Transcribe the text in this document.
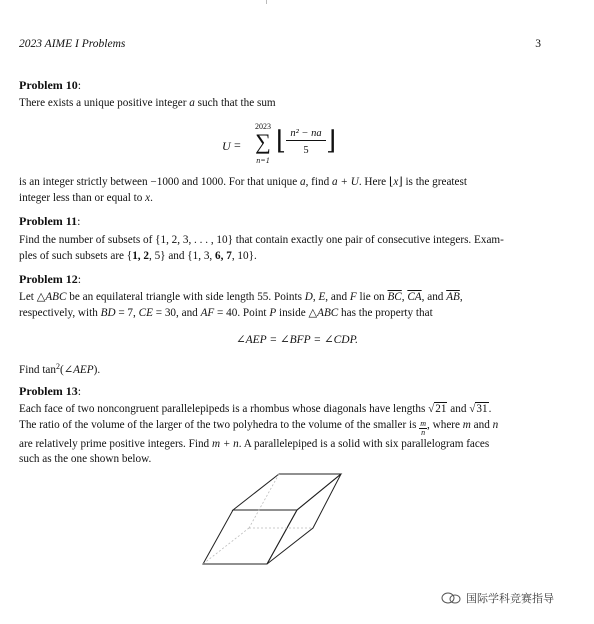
2023 AIME I Problems	3
Problem 10:
There exists a unique positive integer a such that the sum
U =
2023
∑
n=1
⌊ n² − na
5 ⌋
is an integer strictly between −1000 and 1000. For that unique a, find a + U. Here ⌊x⌋ is the greatest
integer less than or equal to x.
Problem 11:
Find the number of subsets of {1, 2, 3, . . . , 10} that contain exactly one pair of consecutive integers. Exam-
ples of such subsets are {1, 2, 5} and {1, 3, 6, 7, 10}.
Problem 12:
Let △ABC be an equilateral triangle with side length 55. Points D, E, and F lie on $\overline{BC}$, $\overline{CA}$, and $\overline{AB}$,
respectively, with BD = 7, CE = 30, and AF = 40. Point P inside △ABC has the property that
∠AEP = ∠BFP = ∠CDP.
Find $\tan^2(\angle AEP)$.
Problem 13:
Each face of two noncongruent parallelepipeds is a rhombus whose diagonals have lengths √21 and √31.
The ratio of the volume of the larger of the two polyhedra to the volume of the smaller is $\frac{m}{n}$ , where m and n
are relatively prime positive integers. Find m + n. A parallelepiped is a solid with six parallelogram faces
such as the one shown below.
国际学科竞赛指导
